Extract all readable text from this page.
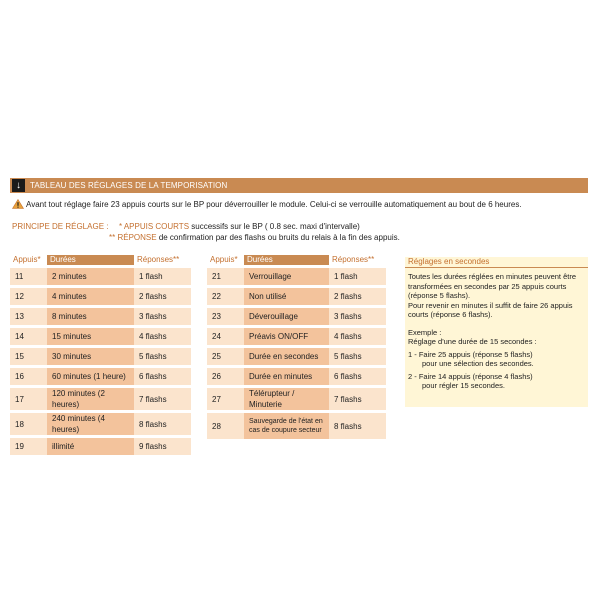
↓	TABLEAU DES RÉGLAGES DE LA TEMPORISATION
Avant tout réglage faire 23 appuis courts sur le BP pour déverrouiller le module. Celui-ci se verrouille automatiquement au bout de 6 heures.
PRINCIPE DE RÉGLAGE : * APPUIS COURTS successifs sur le BP ( 0.8 sec. maxi d'intervalle)
** RÉPONSE de confirmation par des flashs ou bruits du relais à la fin des appuis.
Appuis*	Durées	Réponses**
11	2 minutes	1 flash
12	4 minutes	2 flashs
13	8 minutes	3 flashs
14	15 minutes	4 flashs
15	30 minutes	5 flashs
16	60 minutes (1 heure)	6 flashs
17	120 minutes (2 heures)	7 flashs
18	240 minutes (4 heures)	8 flashs
19	illimité	9 flashs
Appuis*	Durées	Réponses**
21	Verrouillage	1 flash
22	Non utilisé	2 flashs
23	Déverouillage	3 flashs
24	Préavis ON/OFF	4 flashs
25	Durée en secondes	5 flashs
26	Durée en minutes	6 flashs
27	Télérupteur / Minuterie	7 flashs
28	Sauvegarde de l'état en cas de coupure secteur	8 flashs
Réglages en secondes

Toutes les durées réglées en minutes peuvent être transformées en secondes par 25 appuis courts (réponse 5 flashs).

Pour revenir en minutes il suffit de faire 26 appuis courts (réponse 6 flashs).

Exemple :

Réglage d'une durée de 15 secondes :

1 - Faire 25 appuis (réponse 5 flashs)

pour une sélection des secondes.

2 - Faire 14 appuis (réponse 4 flashs)

pour régler 15 secondes.
